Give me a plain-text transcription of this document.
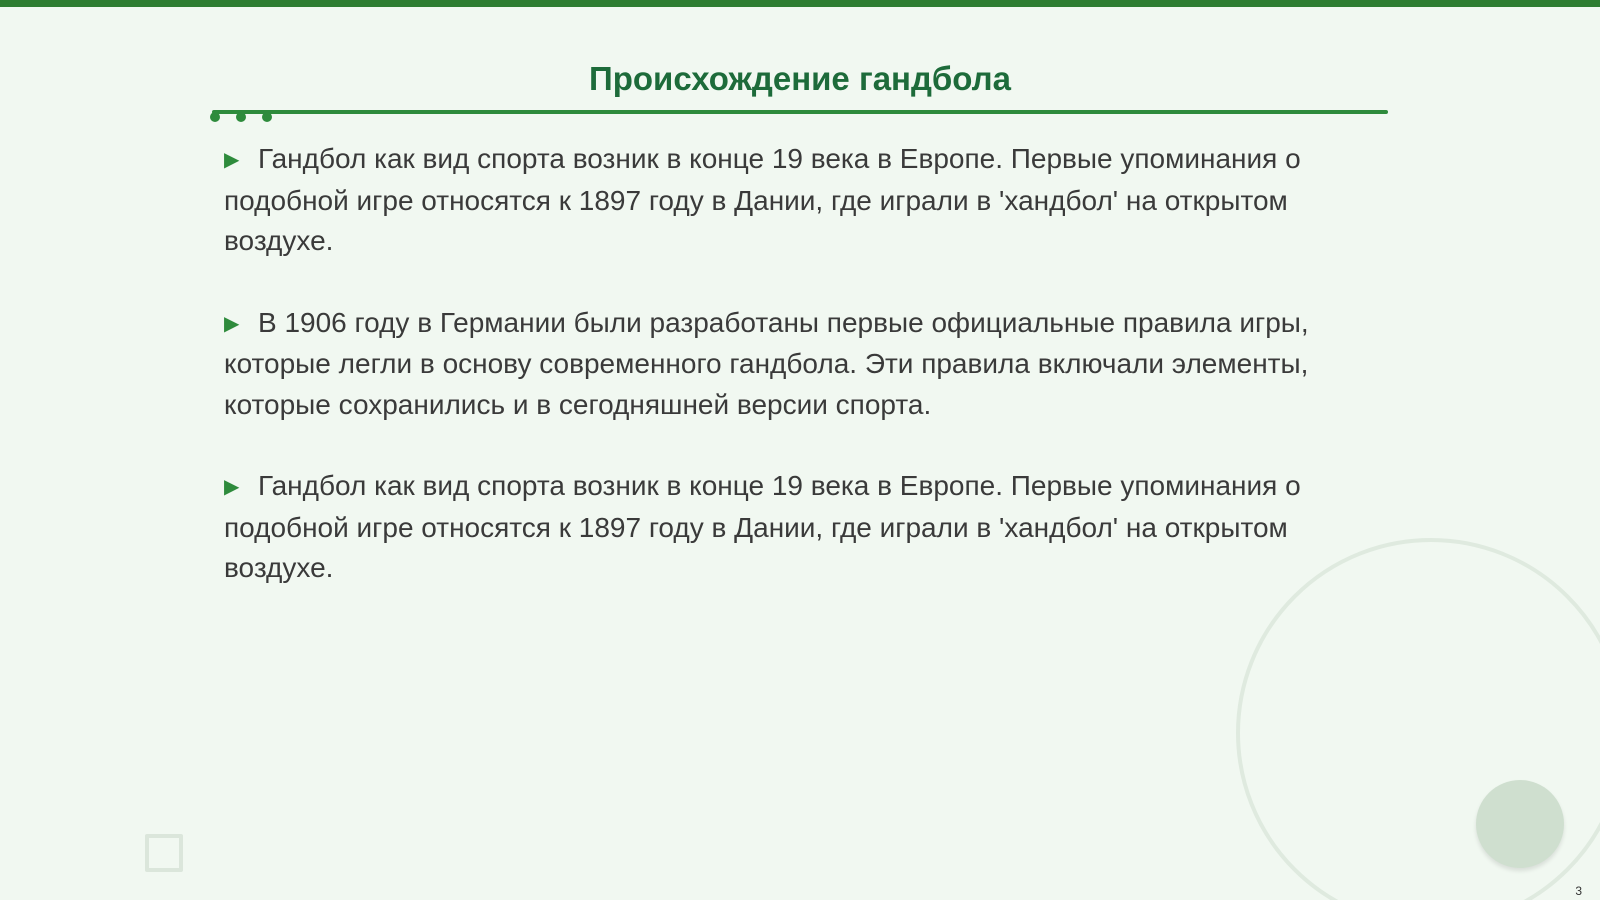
Происхождение гандбола
▶ Гандбол как вид спорта возник в конце 19 века в Европе. Первые упоминания о подобной игре относятся к 1897 году в Дании, где играли в 'хандбол' на открытом воздухе.
▶ В 1906 году в Германии были разработаны первые официальные правила игры, которые легли в основу современного гандбола. Эти правила включали элементы, которые сохранились и в сегодняшней версии спорта.
▶ Гандбол как вид спорта возник в конце 19 века в Европе. Первые упоминания о подобной игре относятся к 1897 году в Дании, где играли в 'хандбол' на открытом воздухе.
3
